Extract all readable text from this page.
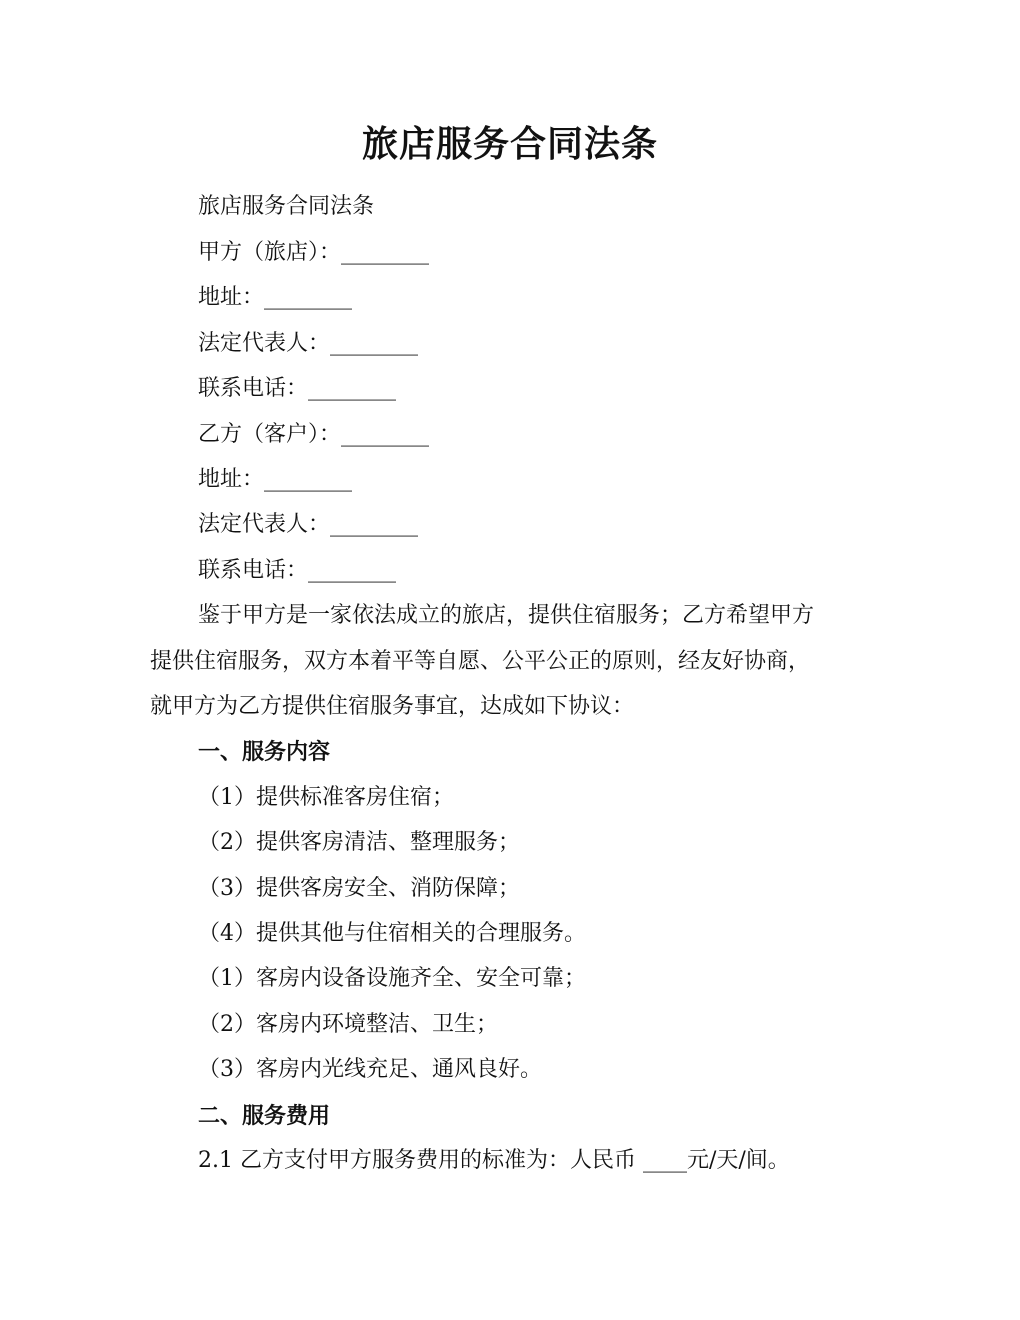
旅店服务合同法条
旅店服务合同法条
甲方（旅店）：________
地址：________
法定代表人：________
联系电话：________
乙方（客户）：________
地址：________
法定代表人：________
联系电话：________
鉴于甲方是一家依法成立的旅店，提供住宿服务；乙方希望甲方
提供住宿服务，双方本着平等自愿、公平公正的原则，经友好协商，
就甲方为乙方提供住宿服务事宜，达成如下协议：
一、服务内容
（1）提供标准客房住宿；
（2）提供客房清洁、整理服务；
（3）提供客房安全、消防保障；
（4）提供其他与住宿相关的合理服务。
（1）客房内设备设施齐全、安全可靠；
（2）客房内环境整洁、卫生；
（3）客房内光线充足、通风良好。
二、服务费用
2.1 乙方支付甲方服务费用的标准为：人民币 ____元/天/间。
